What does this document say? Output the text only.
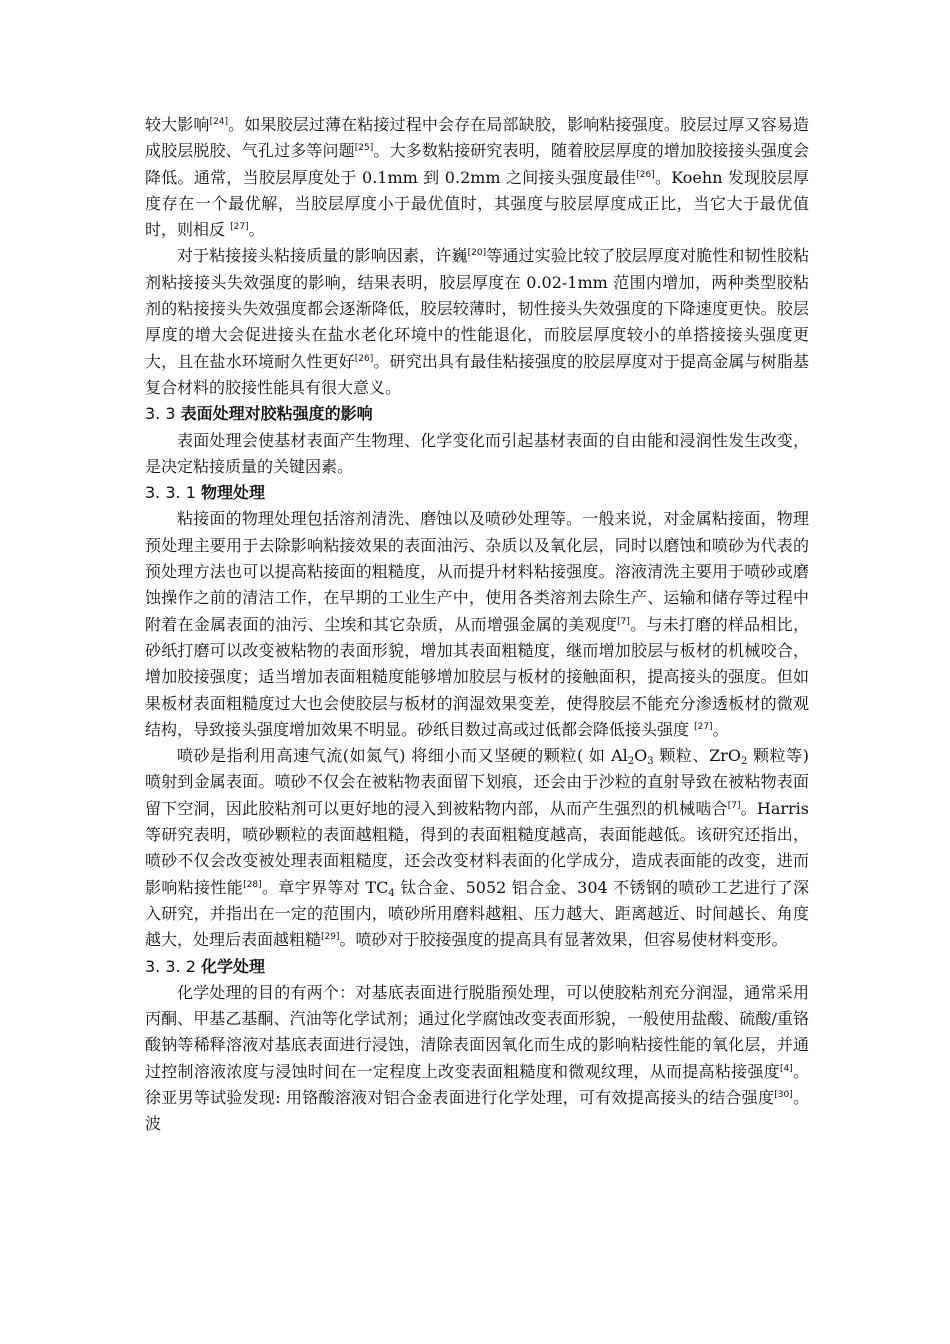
较大影响[24]。如果胶层过薄在粘接过程中会存在局部缺胶，影响粘接强度。胶层过厚又容易造成胶层脱胶、气孔过多等问题[25]。大多数粘接研究表明，随着胶层厚度的增加胶接接头强度会降低。通常，当胶层厚度处于 0.1mm 到 0.2mm 之间接头强度最佳[26]。Koehn 发现胶层厚度存在一个最优解，当胶层厚度小于最优值时，其强度与胶层厚度成正比，当它大于最优值时，则相反 [27]。

对于粘接接头粘接质量的影响因素，许巍[20]等通过实验比较了胶层厚度对脆性和韧性胶粘剂粘接接头失效强度的影响，结果表明，胶层厚度在 0.02-1mm 范围内增加，两种类型胶粘剂的粘接接头失效强度都会逐渐降低，胶层较薄时，韧性接头失效强度的下降速度更快。胶层厚度的增大会促进接头在盐水老化环境中的性能退化，而胶层厚度较小的单搭接接头强度更大，且在盐水环境耐久性更好[26]。研究出具有最佳粘接强度的胶层厚度对于提高金属与树脂基复合材料的胶接性能具有很大意义。

3. 3 表面处理对胶粘强度的影响

表面处理会使基材表面产生物理、化学变化而引起基材表面的自由能和浸润性发生改变，是决定粘接质量的关键因素。

3. 3. 1 物理处理

粘接面的物理处理包括溶剂清洗、磨蚀以及喷砂处理等。一般来说，对金属粘接面，物理预处理主要用于去除影响粘接效果的表面油污、杂质以及氧化层，同时以磨蚀和喷砂为代表的预处理方法也可以提高粘接面的粗糙度，从而提升材料粘接强度。溶液清洗主要用于喷砂或磨蚀操作之前的清洁工作，在早期的工业生产中，使用各类溶剂去除生产、运输和储存等过程中附着在金属表面的油污、尘埃和其它杂质，从而增强金属的美观度[7]。与未打磨的样品相比，砂纸打磨可以改变被粘物的表面形貌，增加其表面粗糙度，继而增加胶层与板材的机械咬合，增加胶接强度；适当增加表面粗糙度能够增加胶层与板材的接触面积，提高接头的强度。但如果板材表面粗糙度过大也会使胶层与板材的润湿效果变差，使得胶层不能充分渗透板材的微观结构，导致接头强度增加效果不明显。砂纸目数过高或过低都会降低接头强度 [27]。

喷砂是指利用高速气流(如氮气) 将细小而又坚硬的颗粒( 如 $Al_2O_3$ 颗粒、ZrO$_2$ 颗粒等) 喷射到金属表面。喷砂不仅会在被粘物表面留下划痕，还会由于沙粒的直射导致在被粘物表面留下空洞，因此胶粘剂可以更好地的浸入到被粘物内部，从而产生强烈的机械啮合[7]。Harris 等研究表明，喷砂颗粒的表面越粗糙，得到的表面粗糙度越高，表面能越低。该研究还指出，喷砂不仅会改变被处理表面粗糙度，还会改变材料表面的化学成分，造成表面能的改变，进而影响粘接性能[28]。章宇界等对 $TC_4$ 钛合金、5052 铝合金、304 不锈钢的喷砂工艺进行了深入研究，并指出在一定的范围内，喷砂所用磨料越粗、压力越大、距离越近、时间越长、角度越大，处理后表面越粗糙[29]。喷砂对于胶接强度的提高具有显著效果，但容易使材料变形。

3. 3. 2 化学处理

化学处理的目的有两个：对基底表面进行脱脂预处理，可以使胶粘剂充分润湿，通常采用丙酮、甲基乙基酮、汽油等化学试剂；通过化学腐蚀改变表面形貌，一般使用盐酸、硫酸/重铬酸钠等稀释溶液对基底表面进行浸蚀，清除表面因氧化而生成的影响粘接性能的氧化层，并通过控制溶液浓度与浸蚀时间在一定程度上改变表面粗糙度和微观纹理，从而提高粘接强度[4]。徐亚男等试验发现: 用铬酸溶液对铝合金表面进行化学处理，可有效提高接头的结合强度[30]。波
